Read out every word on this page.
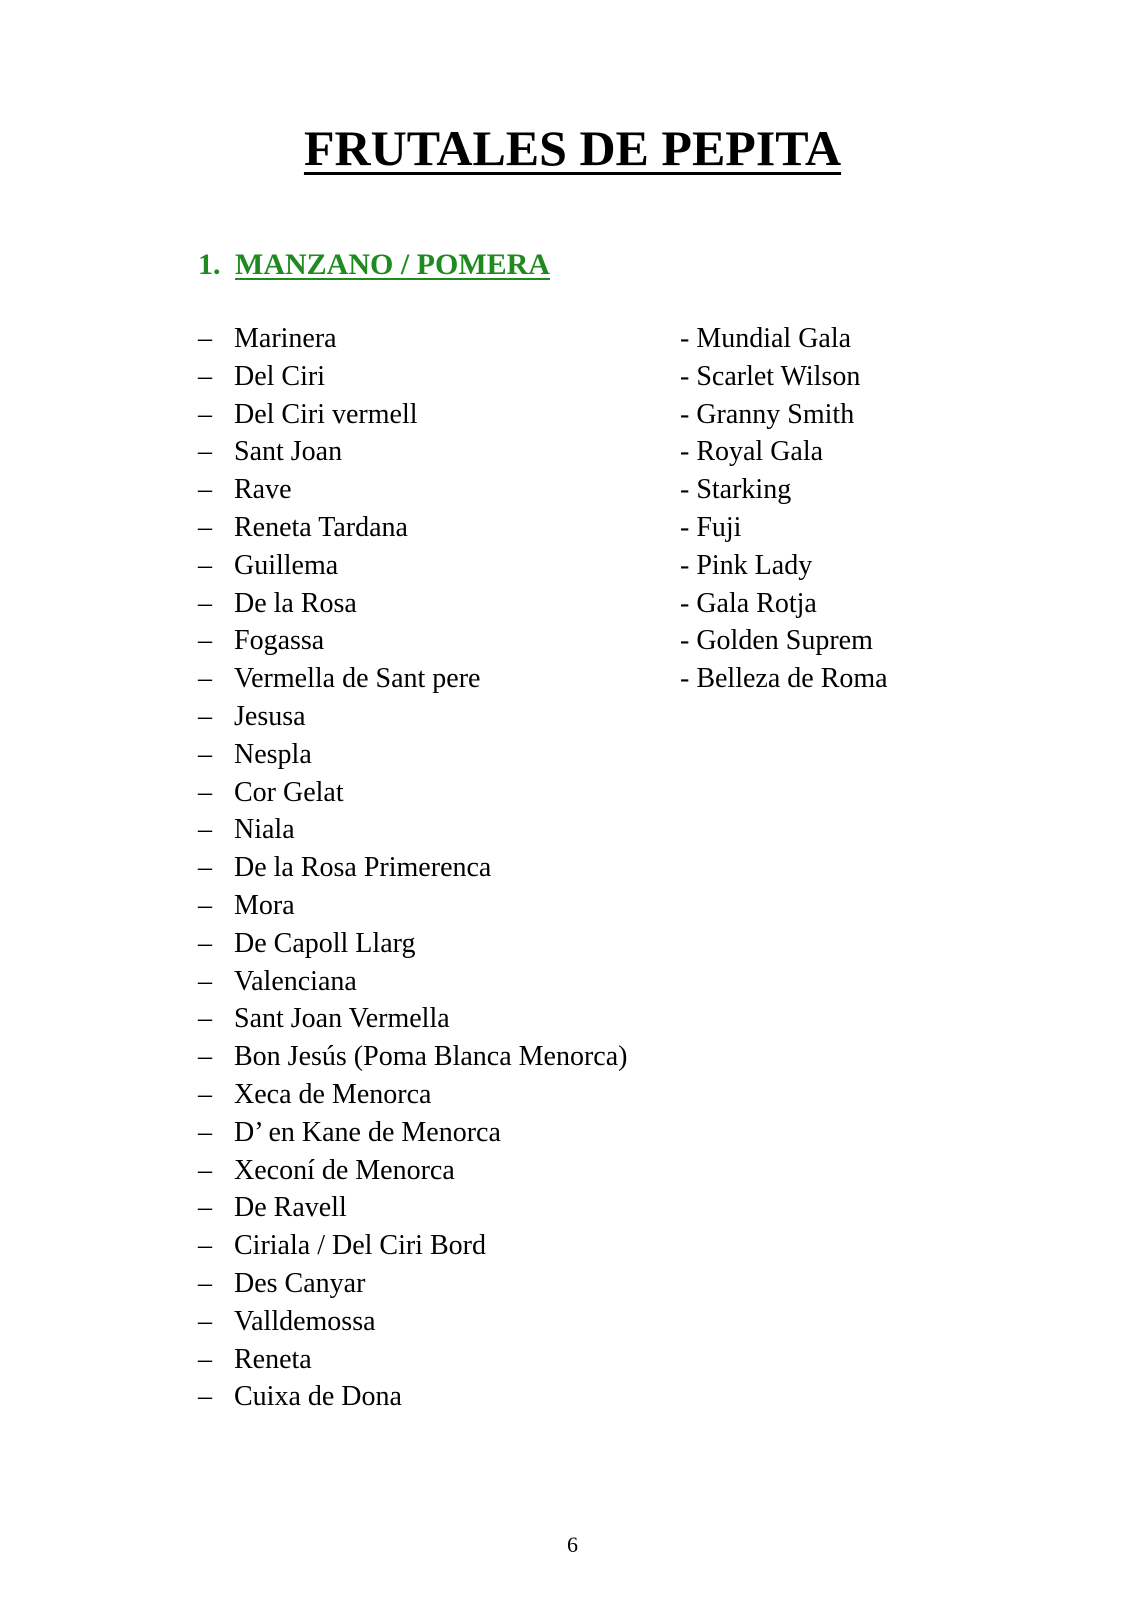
FRUTALES DE PEPITA
1. MANZANO / POMERA
– Marinera
– Del Ciri
– Del Ciri vermell
– Sant Joan
– Rave
– Reneta Tardana
– Guillema
– De la Rosa
– Fogassa
– Vermella de Sant pere
– Jesusa
– Nespla
– Cor Gelat
– Niala
– De la Rosa Primerenca
– Mora
– De Capoll Llarg
– Valenciana
– Sant Joan Vermella
– Bon Jesús (Poma Blanca Menorca)
– Xeca de Menorca
– D’ en Kane de Menorca
– Xeconí de Menorca
– De Ravell
– Ciriala / Del Ciri Bord
– Des Canyar
– Valldemossa
– Reneta
– Cuixa de Dona
- Mundial Gala
- Scarlet Wilson
- Granny Smith
- Royal Gala
- Starking
- Fuji
- Pink Lady
- Gala Rotja
- Golden Suprem
- Belleza de Roma
6
